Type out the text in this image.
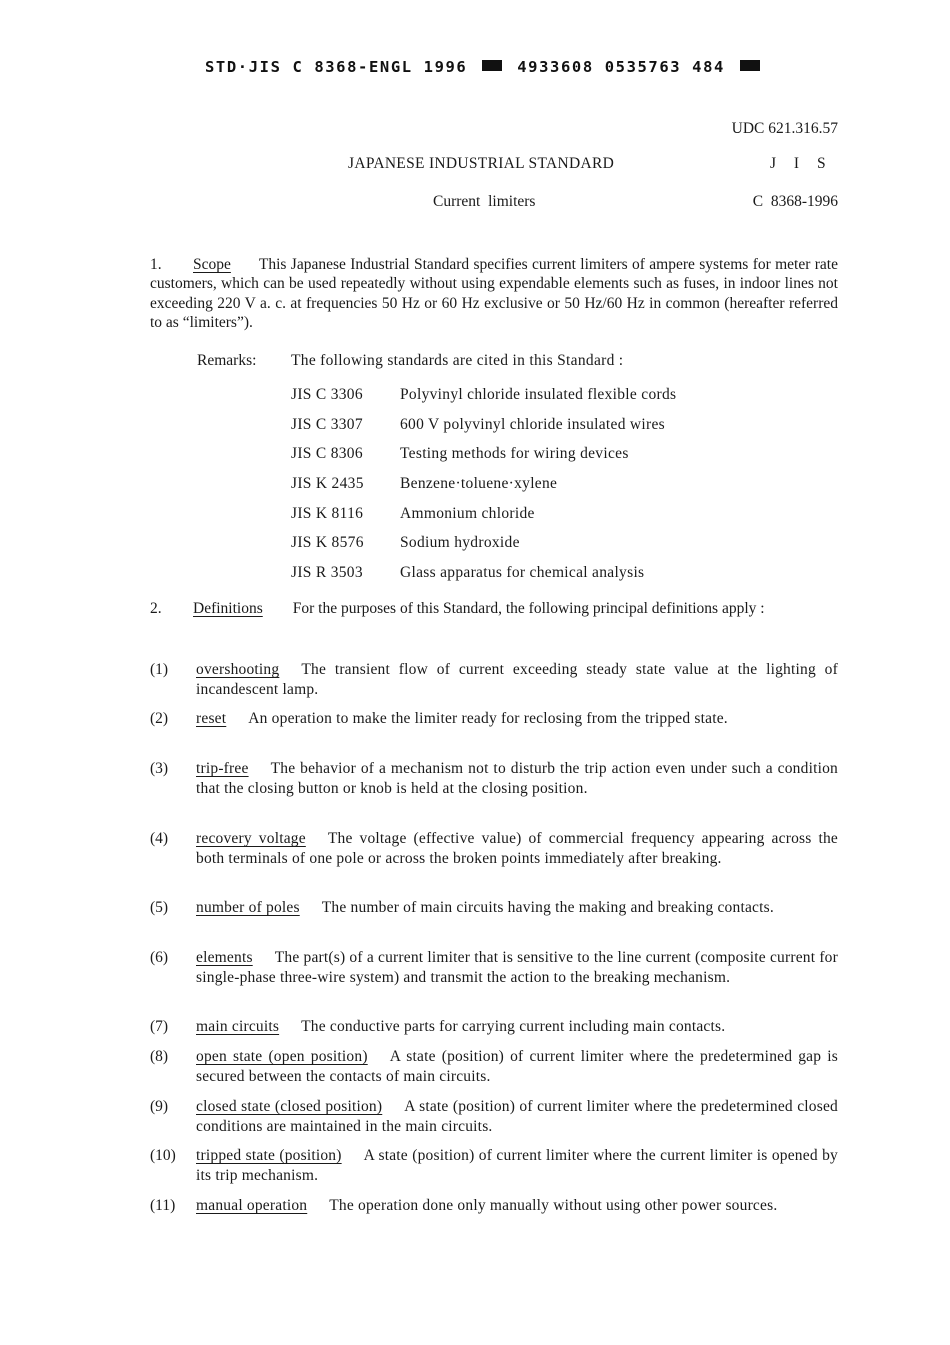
STD·JIS C 8368-ENGL 1996	4933608 0535763 484
UDC 621.316.57
JAPANESE INDUSTRIAL STANDARD	J I S
Current  limiters	C  8368-1996
1. Scope This Japanese Industrial Standard specifies current limiters of ampere systems for meter rate customers, which can be used repeatedly without using expendable elements such as fuses, in indoor lines not exceeding 220 V a. c. at frequencies 50 Hz or 60 Hz exclusive or 50 Hz/60 Hz in common (hereafter referred to as “limiters”).
Remarks: The following standards are cited in this Standard :
JIS C 3306	Polyvinyl chloride insulated flexible cords
JIS C 3307	600 V polyvinyl chloride insulated wires
JIS C 8306	Testing methods for wiring devices
JIS K 2435	Benzene·toluene·xylene
JIS K 8116	Ammonium chloride
JIS K 8576	Sodium hydroxide
JIS R 3503	Glass apparatus for chemical analysis
2. Definitions For the purposes of this Standard, the following principal definitions apply :
(1)	overshooting The transient flow of current exceeding steady state value at the lighting of incandescent lamp.
(2)	reset An operation to make the limiter ready for reclosing from the tripped state.
(3)	trip-free The behavior of a mechanism not to disturb the trip action even under such a condition that the closing button or knob is held at the closing position.
(4)	recovery voltage The voltage (effective value) of commercial frequency appearing across the both terminals of one pole or across the broken points immediately after breaking.
(5)	number of poles The number of main circuits having the making and breaking contacts.
(6)	elements The part(s) of a current limiter that is sensitive to the line current (composite current for single-phase three-wire system) and transmit the action to the breaking mechanism.
(7)	main circuits The conductive parts for carrying current including main contacts.
(8)	open state (open position) A state (position) of current limiter where the predetermined gap is secured between the contacts of main circuits.
(9)	closed state (closed position) A state (position) of current limiter where the predetermined closed conditions are maintained in the main circuits.
(10)	tripped state (position) A state (position) of current limiter where the current limiter is opened by its trip mechanism.
(11)	manual operation The operation done only manually without using other power sources.
